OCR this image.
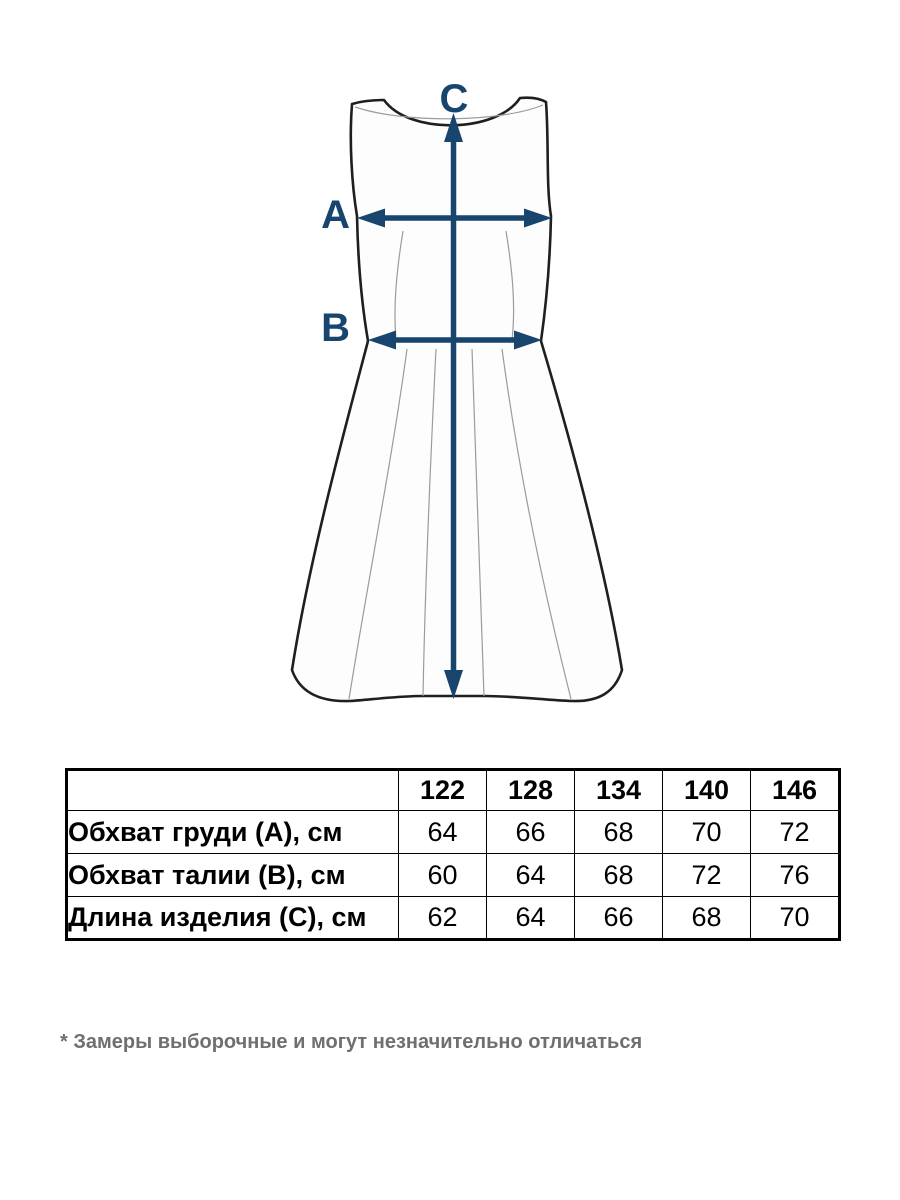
C
A
B
	122	128	134	140	146
Обхват груди (A), см	64	66	68	70	72
Обхват талии (B), см	60	64	68	72	76
Длина изделия (C), см	62	64	66	68	70

* Замеры выборочные и могут незначительно отличаться
